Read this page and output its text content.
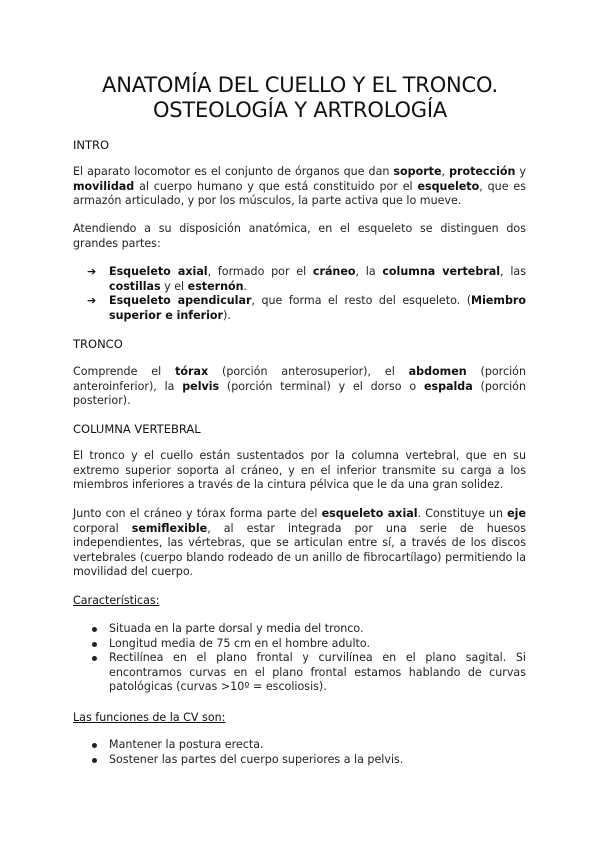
ANATOMÍA DEL CUELLO Y EL TRONCO.
OSTEOLOGÍA Y ARTROLOGÍA
INTRO

El aparato locomotor es el conjunto de órganos que dan soporte, protección y movilidad al cuerpo humano y que está constituido por el esqueleto, que es armazón articulado, y por los músculos, la parte activa que lo mueve.

Atendiendo a su disposición anatómica, en el esqueleto se distinguen dos grandes partes:

➔ Esqueleto axial, formado por el cráneo, la columna vertebral, las costillas y el esternón.
➔ Esqueleto apendicular, que forma el resto del esqueleto. (Miembro superior e inferior).
TRONCO

Comprende el tórax (porción anterosuperior), el abdomen (porción anteroinferior), la pelvis (porción terminal) y el dorso o espalda (porción posterior).

COLUMNA VERTEBRAL

El tronco y el cuello están sustentados por la columna vertebral, que en su extremo superior soporta al cráneo, y en el inferior transmite su carga a los miembros inferiores a través de la cintura pélvica que le da una gran solidez.

Junto con el cráneo y tórax forma parte del esqueleto axial. Constituye un eje corporal semiflexible, al estar integrada por una serie de huesos independientes, las vértebras, que se articulan entre sí, a través de los discos vertebrales (cuerpo blando rodeado de un anillo de fibrocartílago) permitiendo la movilidad del cuerpo.

Características:
Situada en la parte dorsal y media del tronco.
Longitud media de 75 cm en el hombre adulto.
Rectilínea en el plano frontal y curvilínea en el plano sagital. Si encontramos curvas en el plano frontal estamos hablando de curvas patológicas (curvas >10º = escoliosis).
Las funciones de la CV son:
Mantener la postura erecta.
Sostener las partes del cuerpo superiores a la pelvis.
